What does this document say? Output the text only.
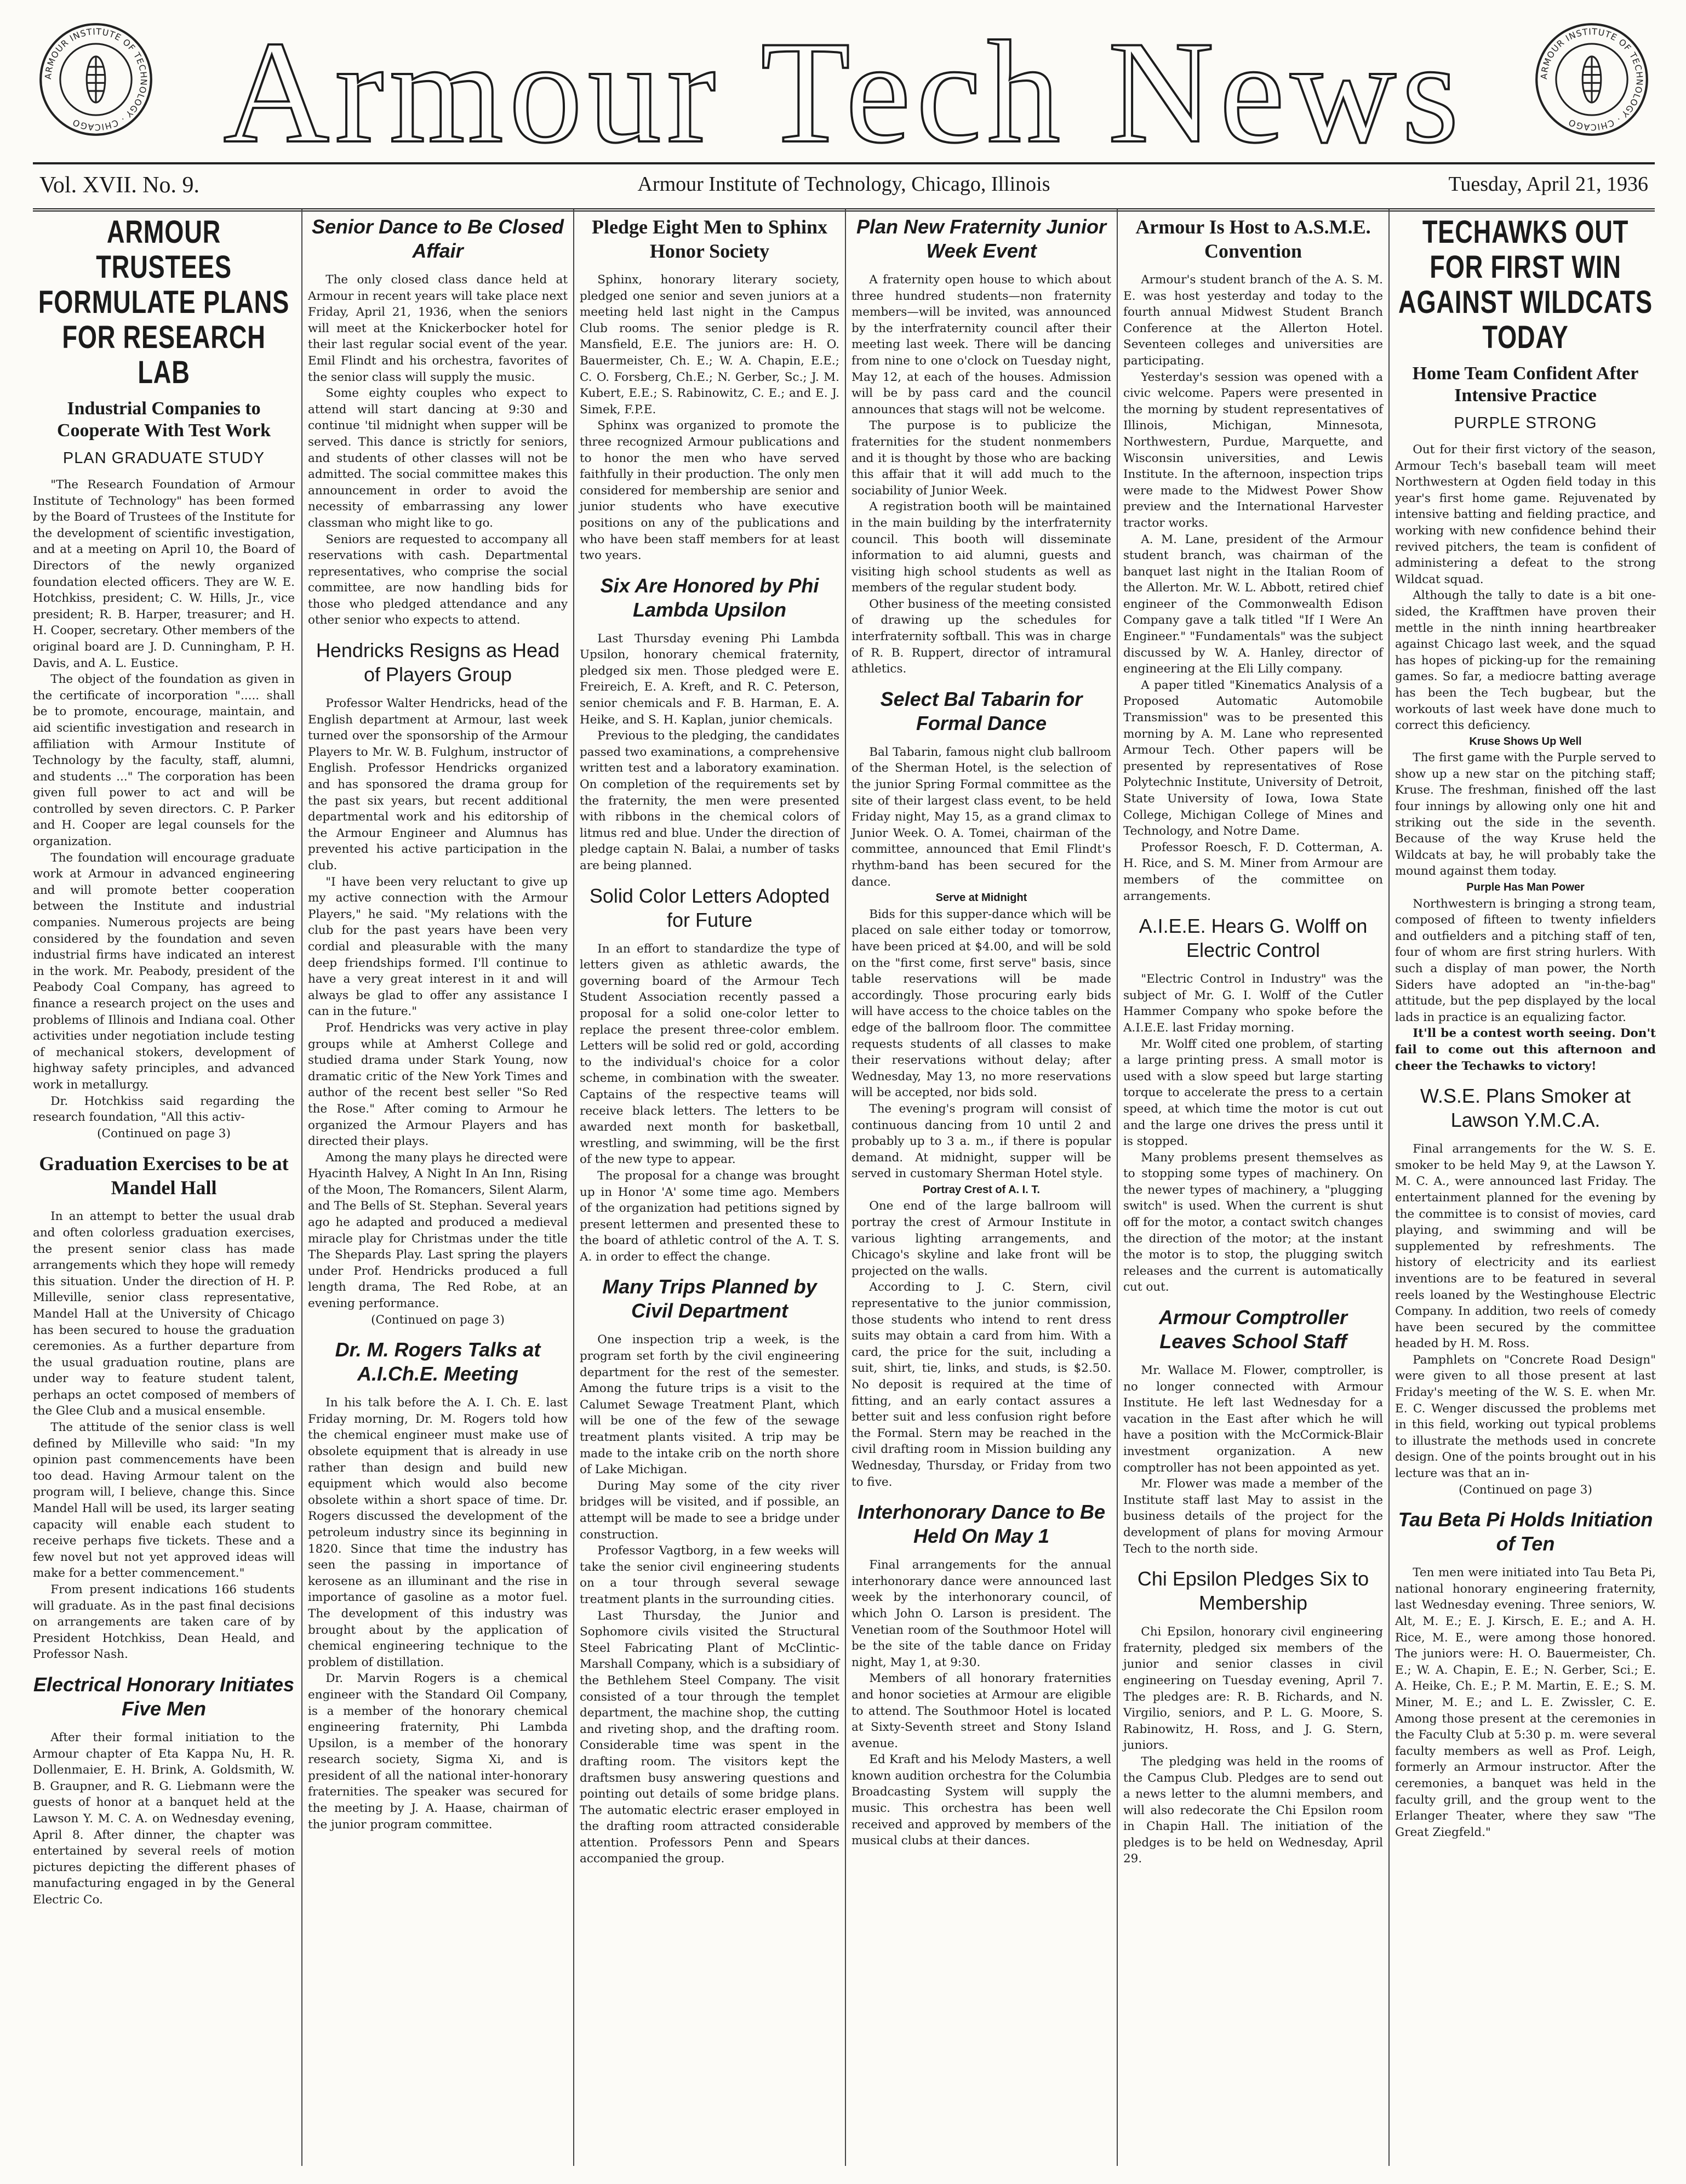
ARMOUR INSTITUTE OF TECHNOLOGY · CHICAGO Armour Tech News	ARMOUR INSTITUTE OF TECHNOLOGY · CHICAGO
Vol. XVII. No. 9.	Armour Institute of Technology, Chicago, Illinois	Tuesday, April 21, 1936
ARMOUR TRUSTEES FORMULATE PLANS FOR RESEARCH LAB
Industrial Companies to Cooperate With Test Work
PLAN GRADUATE STUDY

"The Research Foundation of Armour Institute of Technology" has been formed by the Board of Trustees of the Institute for the development of scientific investigation, and at a meeting on April 10, the Board of Directors of the newly organized foundation elected officers. They are W. E. Hotchkiss, president; C. W. Hills, Jr., vice president; R. B. Harper, treasurer; and H. H. Cooper, secretary. Other members of the original board are J. D. Cunningham, P. H. Davis, and A. L. Eustice.

The object of the foundation as given in the certificate of incorporation "..... shall be to promote, encourage, maintain, and aid scientific investigation and research in affiliation with Armour Institute of Technology by the faculty, staff, alumni, and students ..." The corporation has been given full power to act and will be controlled by seven directors. C. P. Parker and H. Cooper are legal counsels for the organization.

The foundation will encourage graduate work at Armour in advanced engineering and will promote better cooperation between the Institute and industrial companies. Numerous projects are being considered by the foundation and seven industrial firms have indicated an interest in the work. Mr. Peabody, president of the Peabody Coal Company, has agreed to finance a research project on the uses and problems of Illinois and Indiana coal. Other activities under negotiation include testing of mechanical stokers, development of highway safety principles, and advanced work in metallurgy.

Dr. Hotchkiss said regarding the research foundation, "All this activ-

(Continued on page 3)

Graduation Exercises to be at Mandel Hall

In an attempt to better the usual drab and often colorless graduation exercises, the present senior class has made arrangements which they hope will remedy this situation. Under the direction of H. P. Milleville, senior class representative, Mandel Hall at the University of Chicago has been secured to house the graduation ceremonies. As a further departure from the usual graduation routine, plans are under way to feature student talent, perhaps an octet composed of members of the Glee Club and a musical ensemble.

The attitude of the senior class is well defined by Milleville who said: "In my opinion past commencements have been too dead. Having Armour talent on the program will, I believe, change this. Since Mandel Hall will be used, its larger seating capacity will enable each student to receive perhaps five tickets. These and a few novel but not yet approved ideas will make for a better commencement."

From present indications 166 students will graduate. As in the past final decisions on arrangements are taken care of by President Hotchkiss, Dean Heald, and Professor Nash.

Electrical Honorary Initiates Five Men

After their formal initiation to the Armour chapter of Eta Kappa Nu, H. R. Dollenmaier, E. H. Brink, A. Goldsmith, W. B. Graupner, and R. G. Liebmann were the guests of honor at a banquet held at the Lawson Y. M. C. A. on Wednesday evening, April 8. After dinner, the chapter was entertained by several reels of motion pictures depicting the different phases of manufacturing engaged in by the General Electric Co.

Senior Dance to Be Closed Affair

The only closed class dance held at Armour in recent years will take place next Friday, April 21, 1936, when the seniors will meet at the Knickerbocker hotel for their last regular social event of the year. Emil Flindt and his orchestra, favorites of the senior class will supply the music.

Some eighty couples who expect to attend will start dancing at 9:30 and continue 'til midnight when supper will be served. This dance is strictly for seniors, and students of other classes will not be admitted. The social committee makes this announcement in order to avoid the necessity of embarrassing any lower classman who might like to go.

Seniors are requested to accompany all reservations with cash. Departmental representatives, who comprise the social committee, are now handling bids for those who pledged attendance and any other senior who expects to attend.

Hendricks Resigns as Head of Players Group

Professor Walter Hendricks, head of the English department at Armour, last week turned over the sponsorship of the Armour Players to Mr. W. B. Fulghum, instructor of English. Professor Hendricks organized and has sponsored the drama group for the past six years, but recent additional departmental work and his editorship of the Armour Engineer and Alumnus has prevented his active participation in the club.

"I have been very reluctant to give up my active connection with the Armour Players," he said. "My relations with the club for the past years have been very cordial and pleasurable with the many deep friendships formed. I'll continue to have a very great interest in it and will always be glad to offer any assistance I can in the future."

Prof. Hendricks was very active in play groups while at Amherst College and studied drama under Stark Young, now dramatic critic of the New York Times and author of the recent best seller "So Red the Rose." After coming to Armour he organized the Armour Players and has directed their plays.

Among the many plays he directed were Hyacinth Halvey, A Night In An Inn, Rising of the Moon, The Romancers, Silent Alarm, and The Bells of St. Stephan. Several years ago he adapted and produced a medieval miracle play for Christmas under the title The Shepards Play. Last spring the players under Prof. Hendricks produced a full length drama, The Red Robe, at an evening performance.

(Continued on page 3)

Dr. M. Rogers Talks at A.I.Ch.E. Meeting

In his talk before the A. I. Ch. E. last Friday morning, Dr. M. Rogers told how the chemical engineer must make use of obsolete equipment that is already in use rather than design and build new equipment which would also become obsolete within a short space of time. Dr. Rogers discussed the development of the petroleum industry since its beginning in 1820. Since that time the industry has seen the passing in importance of kerosene as an illuminant and the rise in importance of gasoline as a motor fuel. The development of this industry was brought about by the application of chemical engineering technique to the problem of distillation.

Dr. Marvin Rogers is a chemical engineer with the Standard Oil Company, is a member of the honorary chemical engineering fraternity, Phi Lambda Upsilon, is a member of the honorary research society, Sigma Xi, and is president of all the national inter-honorary fraternities. The speaker was secured for the meeting by J. A. Haase, chairman of the junior program committee.

Pledge Eight Men to Sphinx Honor Society

Sphinx, honorary literary society, pledged one senior and seven juniors at a meeting held last night in the Campus Club rooms. The senior pledge is R. Mansfield, E.E. The juniors are: H. O. Bauermeister, Ch. E.; W. A. Chapin, E.E.; C. O. Forsberg, Ch.E.; N. Gerber, Sc.; J. M. Kubert, E.E.; S. Rabinowitz, C. E.; and E. J. Simek, F.P.E.

Sphinx was organized to promote the three recognized Armour publications and to honor the men who have served faithfully in their production. The only men considered for membership are senior and junior students who have executive positions on any of the publications and who have been staff members for at least two years.

Six Are Honored by Phi Lambda Upsilon

Last Thursday evening Phi Lambda Upsilon, honorary chemical fraternity, pledged six men. Those pledged were E. Freireich, E. A. Kreft, and R. C. Peterson, senior chemicals and F. B. Harman, E. A. Heike, and S. H. Kaplan, junior chemicals.

Previous to the pledging, the candidates passed two examinations, a comprehensive written test and a laboratory examination. On completion of the requirements set by the fraternity, the men were presented with ribbons in the chemical colors of litmus red and blue. Under the direction of pledge captain N. Balai, a number of tasks are being planned.

Solid Color Letters Adopted for Future

In an effort to standardize the type of letters given as athletic awards, the governing board of the Armour Tech Student Association recently passed a proposal for a solid one-color letter to replace the present three-color emblem. Letters will be solid red or gold, according to the individual's choice for a color scheme, in combination with the sweater. Captains of the respective teams will receive black letters. The letters to be awarded next month for basketball, wrestling, and swimming, will be the first of the new type to appear.

The proposal for a change was brought up in Honor 'A' some time ago. Members of the organization had petitions signed by present lettermen and presented these to the board of athletic control of the A. T. S. A. in order to effect the change.

Many Trips Planned by Civil Department

One inspection trip a week, is the program set forth by the civil engineering department for the rest of the semester. Among the future trips is a visit to the Calumet Sewage Treatment Plant, which will be one of the few of the sewage treatment plants visited. A trip may be made to the intake crib on the north shore of Lake Michigan.

During May some of the city river bridges will be visited, and if possible, an attempt will be made to see a bridge under construction.

Professor Vagtborg, in a few weeks will take the senior civil engineering students on a tour through several sewage treatment plants in the surrounding cities.

Last Thursday, the Junior and Sophomore civils visited the Structural Steel Fabricating Plant of McClintic-Marshall Company, which is a subsidiary of the Bethlehem Steel Company. The visit consisted of a tour through the templet department, the machine shop, the cutting and riveting shop, and the drafting room. Considerable time was spent in the drafting room. The visitors kept the draftsmen busy answering questions and pointing out details of some bridge plans. The automatic electric eraser employed in the drafting room attracted considerable attention. Professors Penn and Spears accompanied the group.

Plan New Fraternity Junior Week Event

A fraternity open house to which about three hundred students—non fraternity members—will be invited, was announced by the interfraternity council after their meeting last week. There will be dancing from nine to one o'clock on Tuesday night, May 12, at each of the houses. Admission will be by pass card and the council announces that stags will not be welcome.

The purpose is to publicize the fraternities for the student nonmembers and it is thought by those who are backing this affair that it will add much to the sociability of Junior Week.

A registration booth will be maintained in the main building by the interfraternity council. This booth will disseminate information to aid alumni, guests and visiting high school students as well as members of the regular student body.

Other business of the meeting consisted of drawing up the schedules for interfraternity softball. This was in charge of R. B. Ruppert, director of intramural athletics.

Select Bal Tabarin for Formal Dance

Bal Tabarin, famous night club ballroom of the Sherman Hotel, is the selection of the junior Spring Formal committee as the site of their largest class event, to be held Friday night, May 15, as a grand climax to Junior Week. O. A. Tomei, chairman of the committee, announced that Emil Flindt's rhythm-band has been secured for the dance.

Serve at Midnight

Bids for this supper-dance which will be placed on sale either today or tomorrow, have been priced at $4.00, and will be sold on the "first come, first serve" basis, since table reservations will be made accordingly. Those procuring early bids will have access to the choice tables on the edge of the ballroom floor. The committee requests students of all classes to make their reservations without delay; after Wednesday, May 13, no more reservations will be accepted, nor bids sold.

The evening's program will consist of continuous dancing from 10 until 2 and probably up to 3 a. m., if there is popular demand. At midnight, supper will be served in customary Sherman Hotel style.

Portray Crest of A. I. T.

One end of the large ballroom will portray the crest of Armour Institute in various lighting arrangements, and Chicago's skyline and lake front will be projected on the walls.

According to J. C. Stern, civil representative to the junior commission, those students who intend to rent dress suits may obtain a card from him. With a card, the price for the suit, including a suit, shirt, tie, links, and studs, is $2.50. No deposit is required at the time of fitting, and an early contact assures a better suit and less confusion right before the Formal. Stern may be reached in the civil drafting room in Mission building any Wednesday, Thursday, or Friday from two to five.

Interhonorary Dance to Be Held On May 1

Final arrangements for the annual interhonorary dance were announced last week by the interhonorary council, of which John O. Larson is president. The Venetian room of the Southmoor Hotel will be the site of the table dance on Friday night, May 1, at 9:30.

Members of all honorary fraternities and honor societies at Armour are eligible to attend. The Southmoor Hotel is located at Sixty-Seventh street and Stony Island avenue.

Ed Kraft and his Melody Masters, a well known audition orchestra for the Columbia Broadcasting System will supply the music. This orchestra has been well received and approved by members of the musical clubs at their dances.

Armour Is Host to A.S.M.E. Convention

Armour's student branch of the A. S. M. E. was host yesterday and today to the fourth annual Midwest Student Branch Conference at the Allerton Hotel. Seventeen colleges and universities are participating.

Yesterday's session was opened with a civic welcome. Papers were presented in the morning by student representatives of Illinois, Michigan, Minnesota, Northwestern, Purdue, Marquette, and Wisconsin universities, and Lewis Institute. In the afternoon, inspection trips were made to the Midwest Power Show preview and the International Harvester tractor works.

A. M. Lane, president of the Armour student branch, was chairman of the banquet last night in the Italian Room of the Allerton. Mr. W. L. Abbott, retired chief engineer of the Commonwealth Edison Company gave a talk titled "If I Were An Engineer." "Fundamentals" was the subject discussed by W. A. Hanley, director of engineering at the Eli Lilly company.

A paper titled "Kinematics Analysis of a Proposed Automatic Automobile Transmission" was to be presented this morning by A. M. Lane who represented Armour Tech. Other papers will be presented by representatives of Rose Polytechnic Institute, University of Detroit, State University of Iowa, Iowa State College, Michigan College of Mines and Technology, and Notre Dame.

Professor Roesch, F. D. Cotterman, A. H. Rice, and S. M. Miner from Armour are members of the committee on arrangements.

A.I.E.E. Hears G. Wolff on Electric Control

"Electric Control in Industry" was the subject of Mr. G. I. Wolff of the Cutler Hammer Company who spoke before the A.I.E.E. last Friday morning.

Mr. Wolff cited one problem, of starting a large printing press. A small motor is used with a slow speed but large starting torque to accelerate the press to a certain speed, at which time the motor is cut out and the large one drives the press until it is stopped.

Many problems present themselves as to stopping some types of machinery. On the newer types of machinery, a "plugging switch" is used. When the current is shut off for the motor, a contact switch changes the direction of the motor; at the instant the motor is to stop, the plugging switch releases and the current is automatically cut out.

Armour Comptroller Leaves School Staff

Mr. Wallace M. Flower, comptroller, is no longer connected with Armour Institute. He left last Wednesday for a vacation in the East after which he will have a position with the McCormick-Blair investment organization. A new comptroller has not been appointed as yet.

Mr. Flower was made a member of the Institute staff last May to assist in the business details of the project for the development of plans for moving Armour Tech to the north side.

Chi Epsilon Pledges Six to Membership

Chi Epsilon, honorary civil engineering fraternity, pledged six members of the junior and senior classes in civil engineering on Tuesday evening, April 7. The pledges are: R. B. Richards, and N. Virgilio, seniors, and P. L. G. Moore, S. Rabinowitz, H. Ross, and J. G. Stern, juniors.

The pledging was held in the rooms of the Campus Club. Pledges are to send out a news letter to the alumni members, and will also redecorate the Chi Epsilon room in Chapin Hall. The initiation of the pledges is to be held on Wednesday, April 29.

TECHAWKS OUT FOR FIRST WIN AGAINST WILDCATS TODAY
Home Team Confident After Intensive Practice
PURPLE STRONG

Out for their first victory of the season, Armour Tech's baseball team will meet Northwestern at Ogden field today in this year's first home game. Rejuvenated by intensive batting and fielding practice, and working with new confidence behind their revived pitchers, the team is confident of administering a defeat to the strong Wildcat squad.

Although the tally to date is a bit one-sided, the Krafftmen have proven their mettle in the ninth inning heartbreaker against Chicago last week, and the squad has hopes of picking-up for the remaining games. So far, a mediocre batting average has been the Tech bugbear, but the workouts of last week have done much to correct this deficiency.

Kruse Shows Up Well

The first game with the Purple served to show up a new star on the pitching staff; Kruse. The freshman, finished off the last four innings by allowing only one hit and striking out the side in the seventh. Because of the way Kruse held the Wildcats at bay, he will probably take the mound against them today.

Purple Has Man Power

Northwestern is bringing a strong team, composed of fifteen to twenty infielders and outfielders and a pitching staff of ten, four of whom are first string hurlers. With such a display of man power, the North Siders have adopted an "in-the-bag" attitude, but the pep displayed by the local lads in practice is an equalizing factor.

It'll be a contest worth seeing. Don't fail to come out this afternoon and cheer the Techawks to victory!

W.S.E. Plans Smoker at Lawson Y.M.C.A.

Final arrangements for the W. S. E. smoker to be held May 9, at the Lawson Y. M. C. A., were announced last Friday. The entertainment planned for the evening by the committee is to consist of movies, card playing, and swimming and will be supplemented by refreshments. The history of electricity and its earliest inventions are to be featured in several reels loaned by the Westinghouse Electric Company. In addition, two reels of comedy have been secured by the committee headed by H. M. Ross.

Pamphlets on "Concrete Road Design" were given to all those present at last Friday's meeting of the W. S. E. when Mr. E. C. Wenger discussed the problems met in this field, working out typical problems to illustrate the methods used in concrete design. One of the points brought out in his lecture was that an in-

(Continued on page 3)

Tau Beta Pi Holds Initiation of Ten

Ten men were initiated into Tau Beta Pi, national honorary engineering fraternity, last Wednesday evening. Three seniors, W. Alt, M. E.; E. J. Kirsch, E. E.; and A. H. Rice, M. E., were among those honored. The juniors were: H. O. Bauermeister, Ch. E.; W. A. Chapin, E. E.; N. Gerber, Sci.; E. A. Heike, Ch. E.; P. M. Martin, E. E.; S. M. Miner, M. E.; and L. E. Zwissler, C. E. Among those present at the ceremonies in the Faculty Club at 5:30 p. m. were several faculty members as well as Prof. Leigh, formerly an Armour instructor. After the ceremonies, a banquet was held in the faculty grill, and the group went to the Erlanger Theater, where they saw "The Great Ziegfeld."
